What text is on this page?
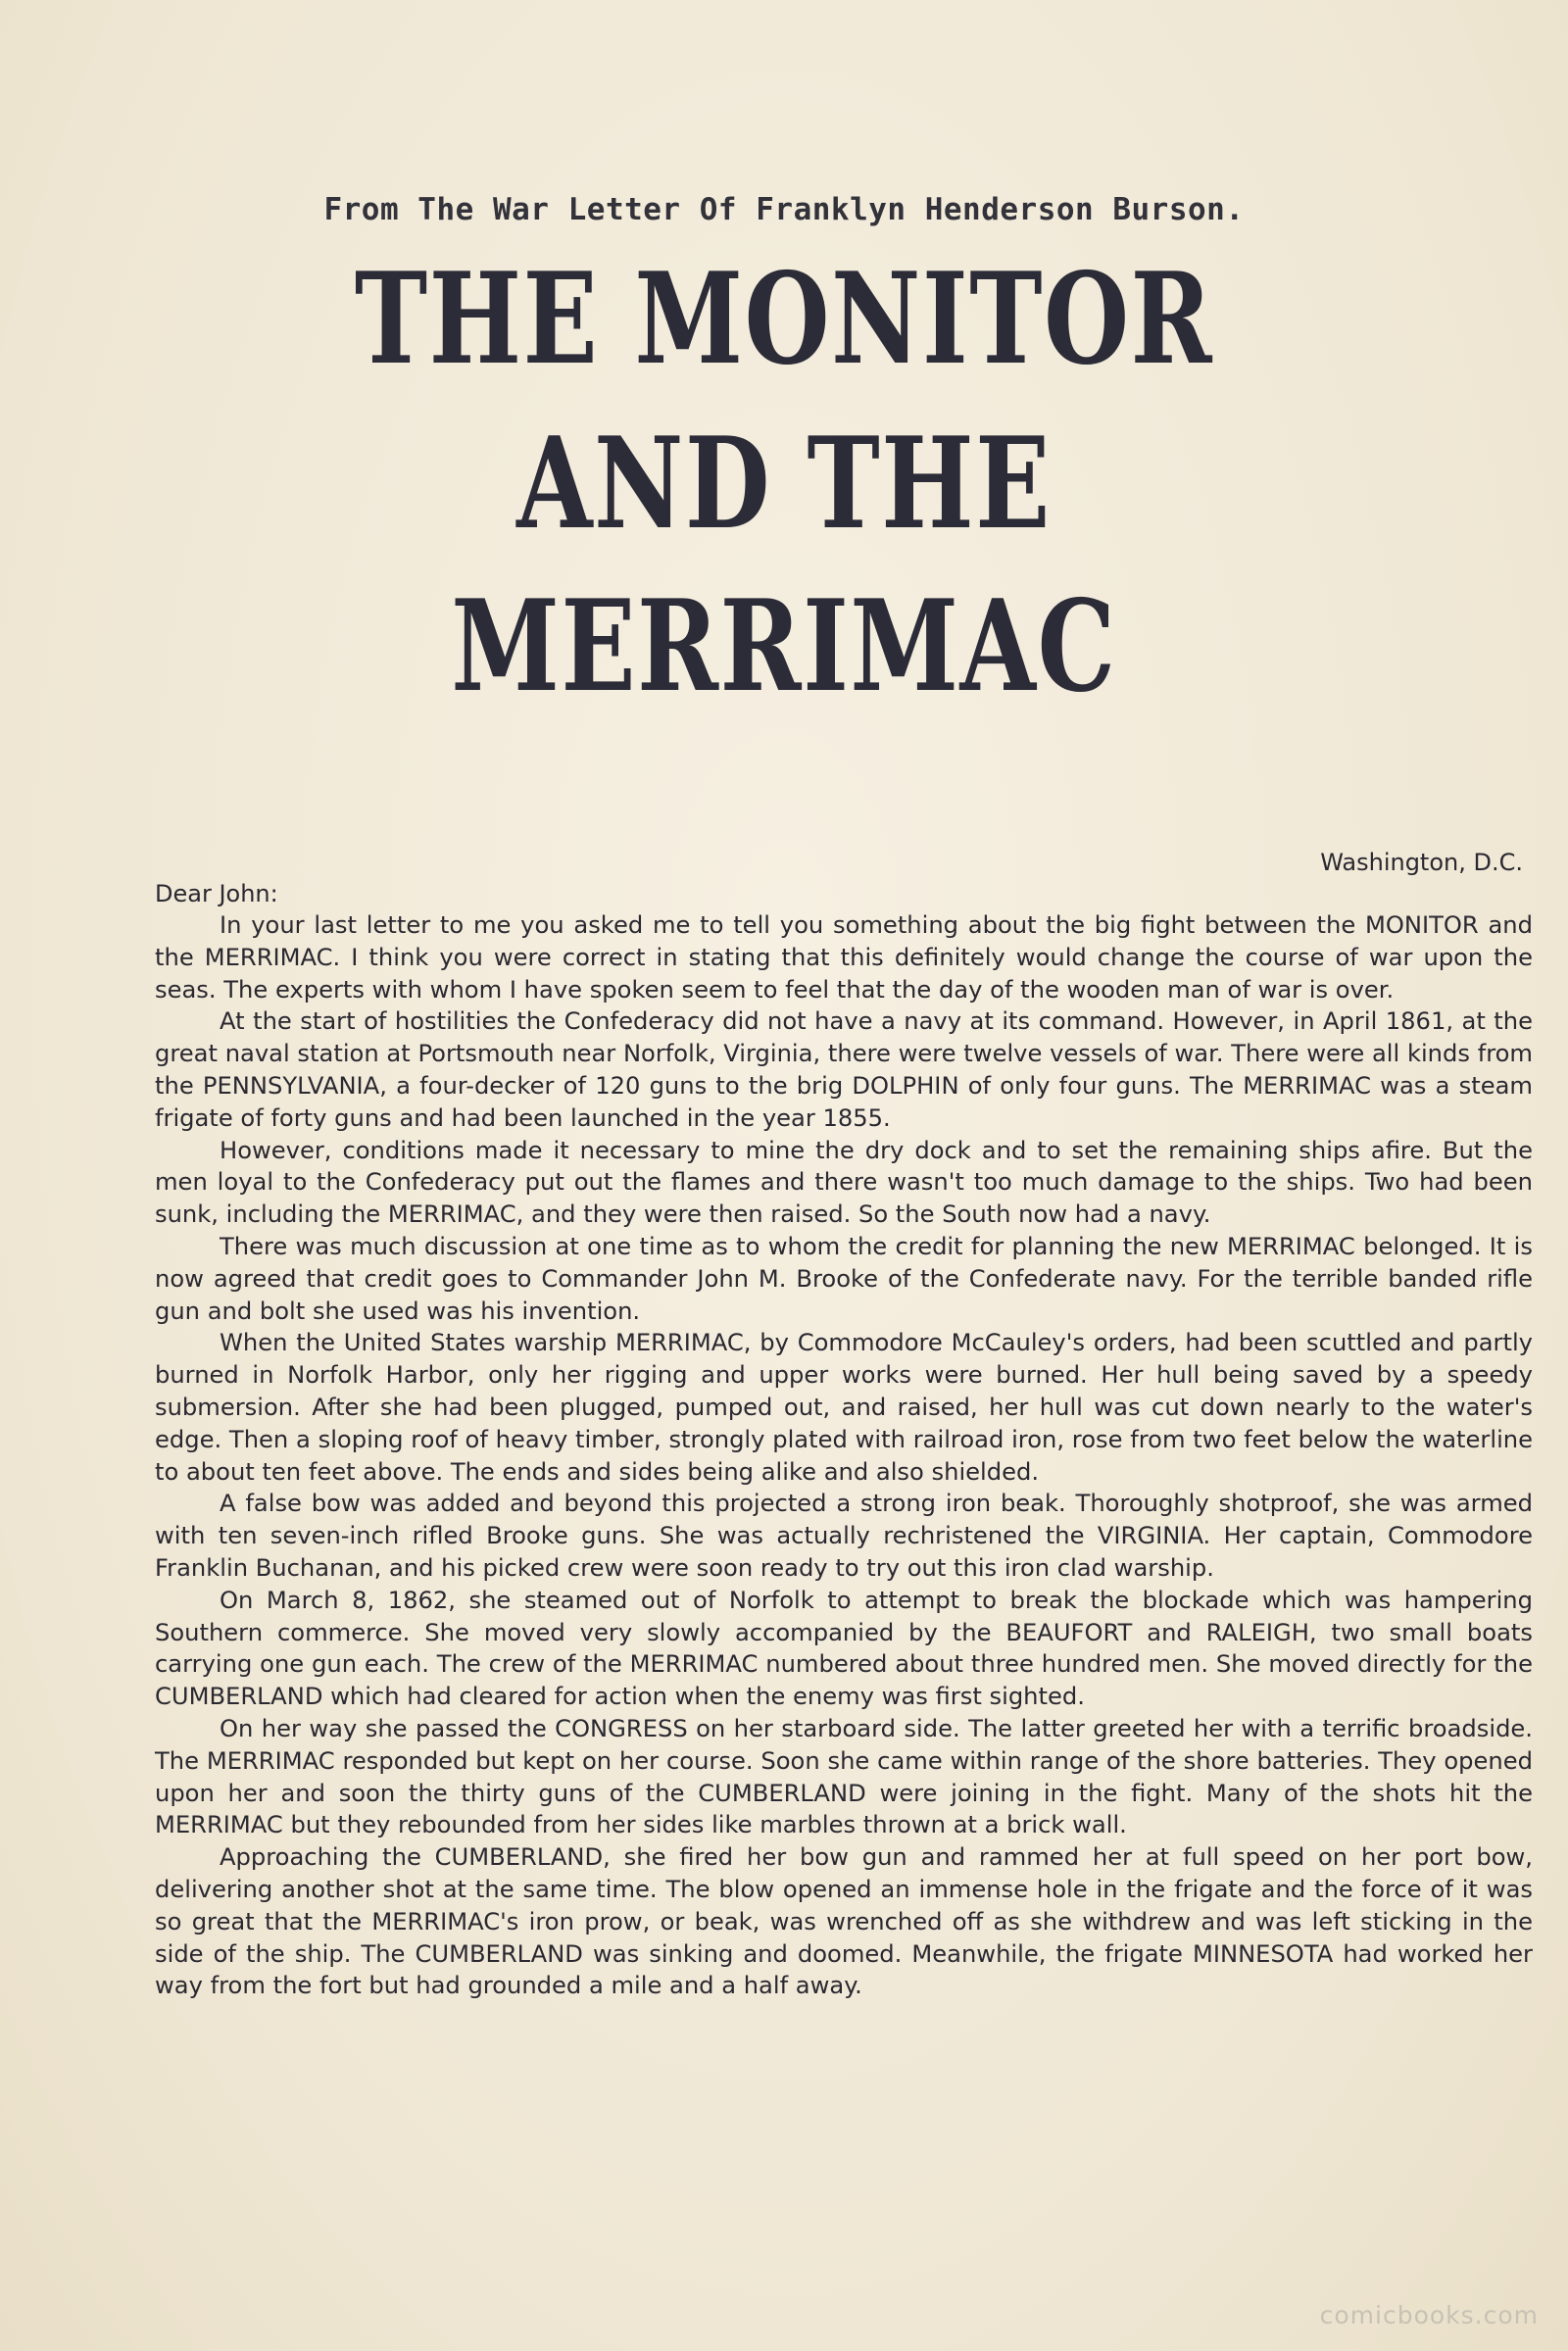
From The War Letter Of Franklyn Henderson Burson.
THE MONITOR
AND THE
MERRIMAC
Washington, D.C.
Dear John:

In your last letter to me you asked me to tell you something about the big fight between the MONITOR and the MERRIMAC. I think you were correct in stating that this definitely would change the course of war upon the seas. The experts with whom I have spoken seem to feel that the day of the wooden man of war is over.

At the start of hostilities the Confederacy did not have a navy at its command. However, in April 1861, at the great naval station at Portsmouth near Norfolk, Virginia, there were twelve vessels of war. There were all kinds from the PENNSYLVANIA, a four-decker of 120 guns to the brig DOLPHIN of only four guns. The MERRIMAC was a steam frigate of forty guns and had been launched in the year 1855.

However, conditions made it necessary to mine the dry dock and to set the remaining ships afire. But the men loyal to the Confederacy put out the flames and there wasn't too much damage to the ships. Two had been sunk, including the MERRIMAC, and they were then raised. So the South now had a navy.

There was much discussion at one time as to whom the credit for planning the new MERRIMAC belonged. It is now agreed that credit goes to Commander John M. Brooke of the Confederate navy. For the terrible banded rifle gun and bolt she used was his invention.

When the United States warship MERRIMAC, by Commodore McCauley's orders, had been scuttled and partly burned in Norfolk Harbor, only her rigging and upper works were burned. Her hull being saved by a speedy submersion. After she had been plugged, pumped out, and raised, her hull was cut down nearly to the water's edge. Then a sloping roof of heavy timber, strongly plated with railroad iron, rose from two feet below the waterline to about ten feet above. The ends and sides being alike and also shielded.

A false bow was added and beyond this projected a strong iron beak. Thoroughly shotproof, she was armed with ten seven-inch rifled Brooke guns. She was actually rechristened the VIRGINIA. Her captain, Commodore Franklin Buchanan, and his picked crew were soon ready to try out this iron clad warship.

On March 8, 1862, she steamed out of Norfolk to attempt to break the blockade which was hampering Southern commerce. She moved very slowly accompanied by the BEAUFORT and RALEIGH, two small boats carrying one gun each. The crew of the MERRIMAC numbered about three hundred men. She moved directly for the CUMBERLAND which had cleared for action when the enemy was first sighted.

On her way she passed the CONGRESS on her starboard side. The latter greeted her with a terrific broadside. The MERRIMAC responded but kept on her course. Soon she came within range of the shore batteries. They opened upon her and soon the thirty guns of the CUMBERLAND were joining in the fight. Many of the shots hit the MERRIMAC but they rebounded from her sides like marbles thrown at a brick wall.

Approaching the CUMBERLAND, she fired her bow gun and rammed her at full speed on her port bow, delivering another shot at the same time. The blow opened an immense hole in the frigate and the force of it was so great that the MERRIMAC's iron prow, or beak, was wrenched off as she withdrew and was left sticking in the side of the ship. The CUMBERLAND was sinking and doomed. Meanwhile, the frigate MINNESOTA had worked her way from the fort but had grounded a mile and a half away.

comicbooks.com
